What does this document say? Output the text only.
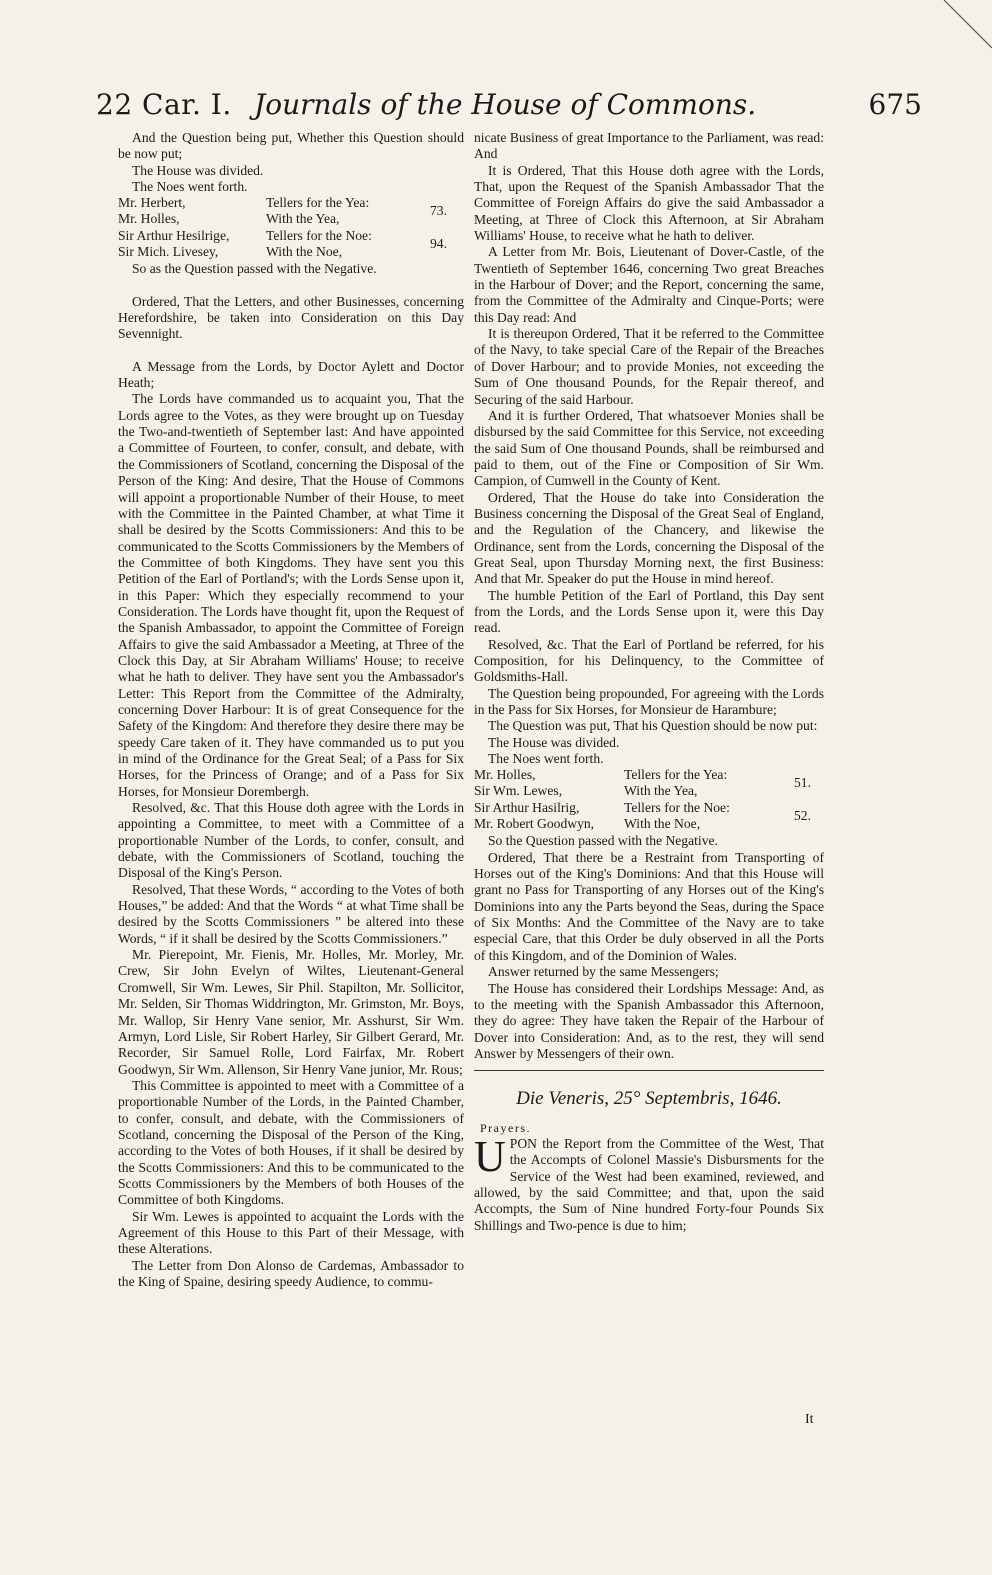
22 Car. I. Journals of the House of Commons.	675

And the Question being put, Whether this Question should be now put;

The House was divided.

The Noes went forth.

Mr. Herbert,	Tellers for the Yea:
Mr. Holles,	With the Yea,
73.
Sir Arthur Hesilrige,	Tellers for the Noe:
Sir Mich. Livesey,	With the Noe,
94.

So as the Question passed with the Negative.

Ordered, That the Letters, and other Businesses, concerning Herefordshire, be taken into Consideration on this Day Sevennight.

A Message from the Lords, by Doctor Aylett and Doctor Heath;

The Lords have commanded us to acquaint you, That the Lords agree to the Votes, as they were brought up on Tuesday the Two-and-twentieth of September last: And have appointed a Committee of Fourteen, to confer, consult, and debate, with the Commissioners of Scotland, concerning the Disposal of the Person of the King: And desire, That the House of Commons will appoint a proportionable Number of their House, to meet with the Committee in the Painted Chamber, at what Time it shall be desired by the Scotts Commissioners: And this to be communicated to the Scotts Commissioners by the Members of the Committee of both Kingdoms. They have sent you this Petition of the Earl of Portland's; with the Lords Sense upon it, in this Paper: Which they especially recommend to your Consideration. The Lords have thought fit, upon the Request of the Spanish Ambassador, to appoint the Committee of Foreign Affairs to give the said Ambassador a Meeting, at Three of the Clock this Day, at Sir Abraham Williams' House; to receive what he hath to deliver. They have sent you the Ambassador's Letter: This Report from the Committee of the Admiralty, concerning Dover Harbour: It is of great Consequence for the Safety of the Kingdom: And therefore they desire there may be speedy Care taken of it. They have commanded us to put you in mind of the Ordinance for the Great Seal; of a Pass for Six Horses, for the Princess of Orange; and of a Pass for Six Horses, for Monsieur Dorembergh.

Resolved, &c. That this House doth agree with the Lords in appointing a Committee, to meet with a Committee of a proportionable Number of the Lords, to confer, consult, and debate, with the Commissioners of Scotland, touching the Disposal of the King's Person.

Resolved, That these Words, “ according to the Votes of both Houses,” be added: And that the Words “ at what Time shall be desired by the Scotts Commissioners ” be altered into these Words, “ if it shall be desired by the Scotts Commissioners.”

Mr. Pierepoint, Mr. Fienis, Mr. Holles, Mr. Morley, Mr. Crew, Sir John Evelyn of Wiltes, Lieutenant-General Cromwell, Sir Wm. Lewes, Sir Phil. Stapilton, Mr. Sollicitor, Mr. Selden, Sir Thomas Widdrington, Mr. Grimston, Mr. Boys, Mr. Wallop, Sir Henry Vane senior, Mr. Asshurst, Sir Wm. Armyn, Lord Lisle, Sir Robert Harley, Sir Gilbert Gerard, Mr. Recorder, Sir Samuel Rolle, Lord Fairfax, Mr. Robert Goodwyn, Sir Wm. Allenson, Sir Henry Vane junior, Mr. Rous;

This Committee is appointed to meet with a Committee of a proportionable Number of the Lords, in the Painted Chamber, to confer, consult, and debate, with the Commissioners of Scotland, concerning the Disposal of the Person of the King, according to the Votes of both Houses, if it shall be desired by the Scotts Commissioners: And this to be communicated to the Scotts Commissioners by the Members of both Houses of the Committee of both Kingdoms.

Sir Wm. Lewes is appointed to acquaint the Lords with the Agreement of this House to this Part of their Message, with these Alterations.

The Letter from Don Alonso de Cardemas, Ambassador to the King of Spaine, desiring speedy Audience, to commu-

nicate Business of great Importance to the Parliament, was read: And

It is Ordered, That this House doth agree with the Lords, That, upon the Request of the Spanish Ambassador That the Committee of Foreign Affairs do give the said Ambassador a Meeting, at Three of Clock this Afternoon, at Sir Abraham Williams' House, to receive what he hath to deliver.

A Letter from Mr. Bois, Lieutenant of Dover-Castle, of the Twentieth of September 1646, concerning Two great Breaches in the Harbour of Dover; and the Report, concerning the same, from the Committee of the Admiralty and Cinque-Ports; were this Day read: And

It is thereupon Ordered, That it be referred to the Committee of the Navy, to take special Care of the Repair of the Breaches of Dover Harbour; and to provide Monies, not exceeding the Sum of One thousand Pounds, for the Repair thereof, and Securing of the said Harbour.

And it is further Ordered, That whatsoever Monies shall be disbursed by the said Committee for this Service, not exceeding the said Sum of One thousand Pounds, shall be reimbursed and paid to them, out of the Fine or Composition of Sir Wm. Campion, of Cumwell in the County of Kent.

Ordered, That the House do take into Consideration the Business concerning the Disposal of the Great Seal of England, and the Regulation of the Chancery, and likewise the Ordinance, sent from the Lords, concerning the Disposal of the Great Seal, upon Thursday Morning next, the first Business: And that Mr. Speaker do put the House in mind hereof.

The humble Petition of the Earl of Portland, this Day sent from the Lords, and the Lords Sense upon it, were this Day read.

Resolved, &c. That the Earl of Portland be referred, for his Composition, for his Delinquency, to the Committee of Goldsmiths-Hall.

The Question being propounded, For agreeing with the Lords in the Pass for Six Horses, for Monsieur de Harambure;

The Question was put, That his Question should be now put:

The House was divided.

The Noes went forth.

Mr. Holles,	Tellers for the Yea:
Sir Wm. Lewes,	With the Yea,
51.
Sir Arthur Hasilrig,	Tellers for the Noe:
Mr. Robert Goodwyn, With the Noe,
52.

So the Question passed with the Negative.

Ordered, That there be a Restraint from Transporting of Horses out of the King's Dominions: And that this House will grant no Pass for Transporting of any Horses out of the King's Dominions into any the Parts beyond the Seas, during the Space of Six Months: And the Committee of the Navy are to take especial Care, that this Order be duly observed in all the Ports of this Kingdom, and of the Dominion of Wales.

Answer returned by the same Messengers;

The House has considered their Lordships Message: And, as to the meeting with the Spanish Ambassador this Afternoon, they do agree: They have taken the Repair of the Harbour of Dover into Consideration: And, as to the rest, they will send Answer by Messengers of their own.

Die Veneris, 25° Septembris, 1646.

Prayers.

UPON the Report from the Committee of the West, That the Accompts of Colonel Massie's Disbursments for the Service of the West had been examined, reviewed, and allowed, by the said Committee; and that, upon the said Accompts, the Sum of Nine hundred Forty-four Pounds Six Shillings and Two-pence is due to him;

It
